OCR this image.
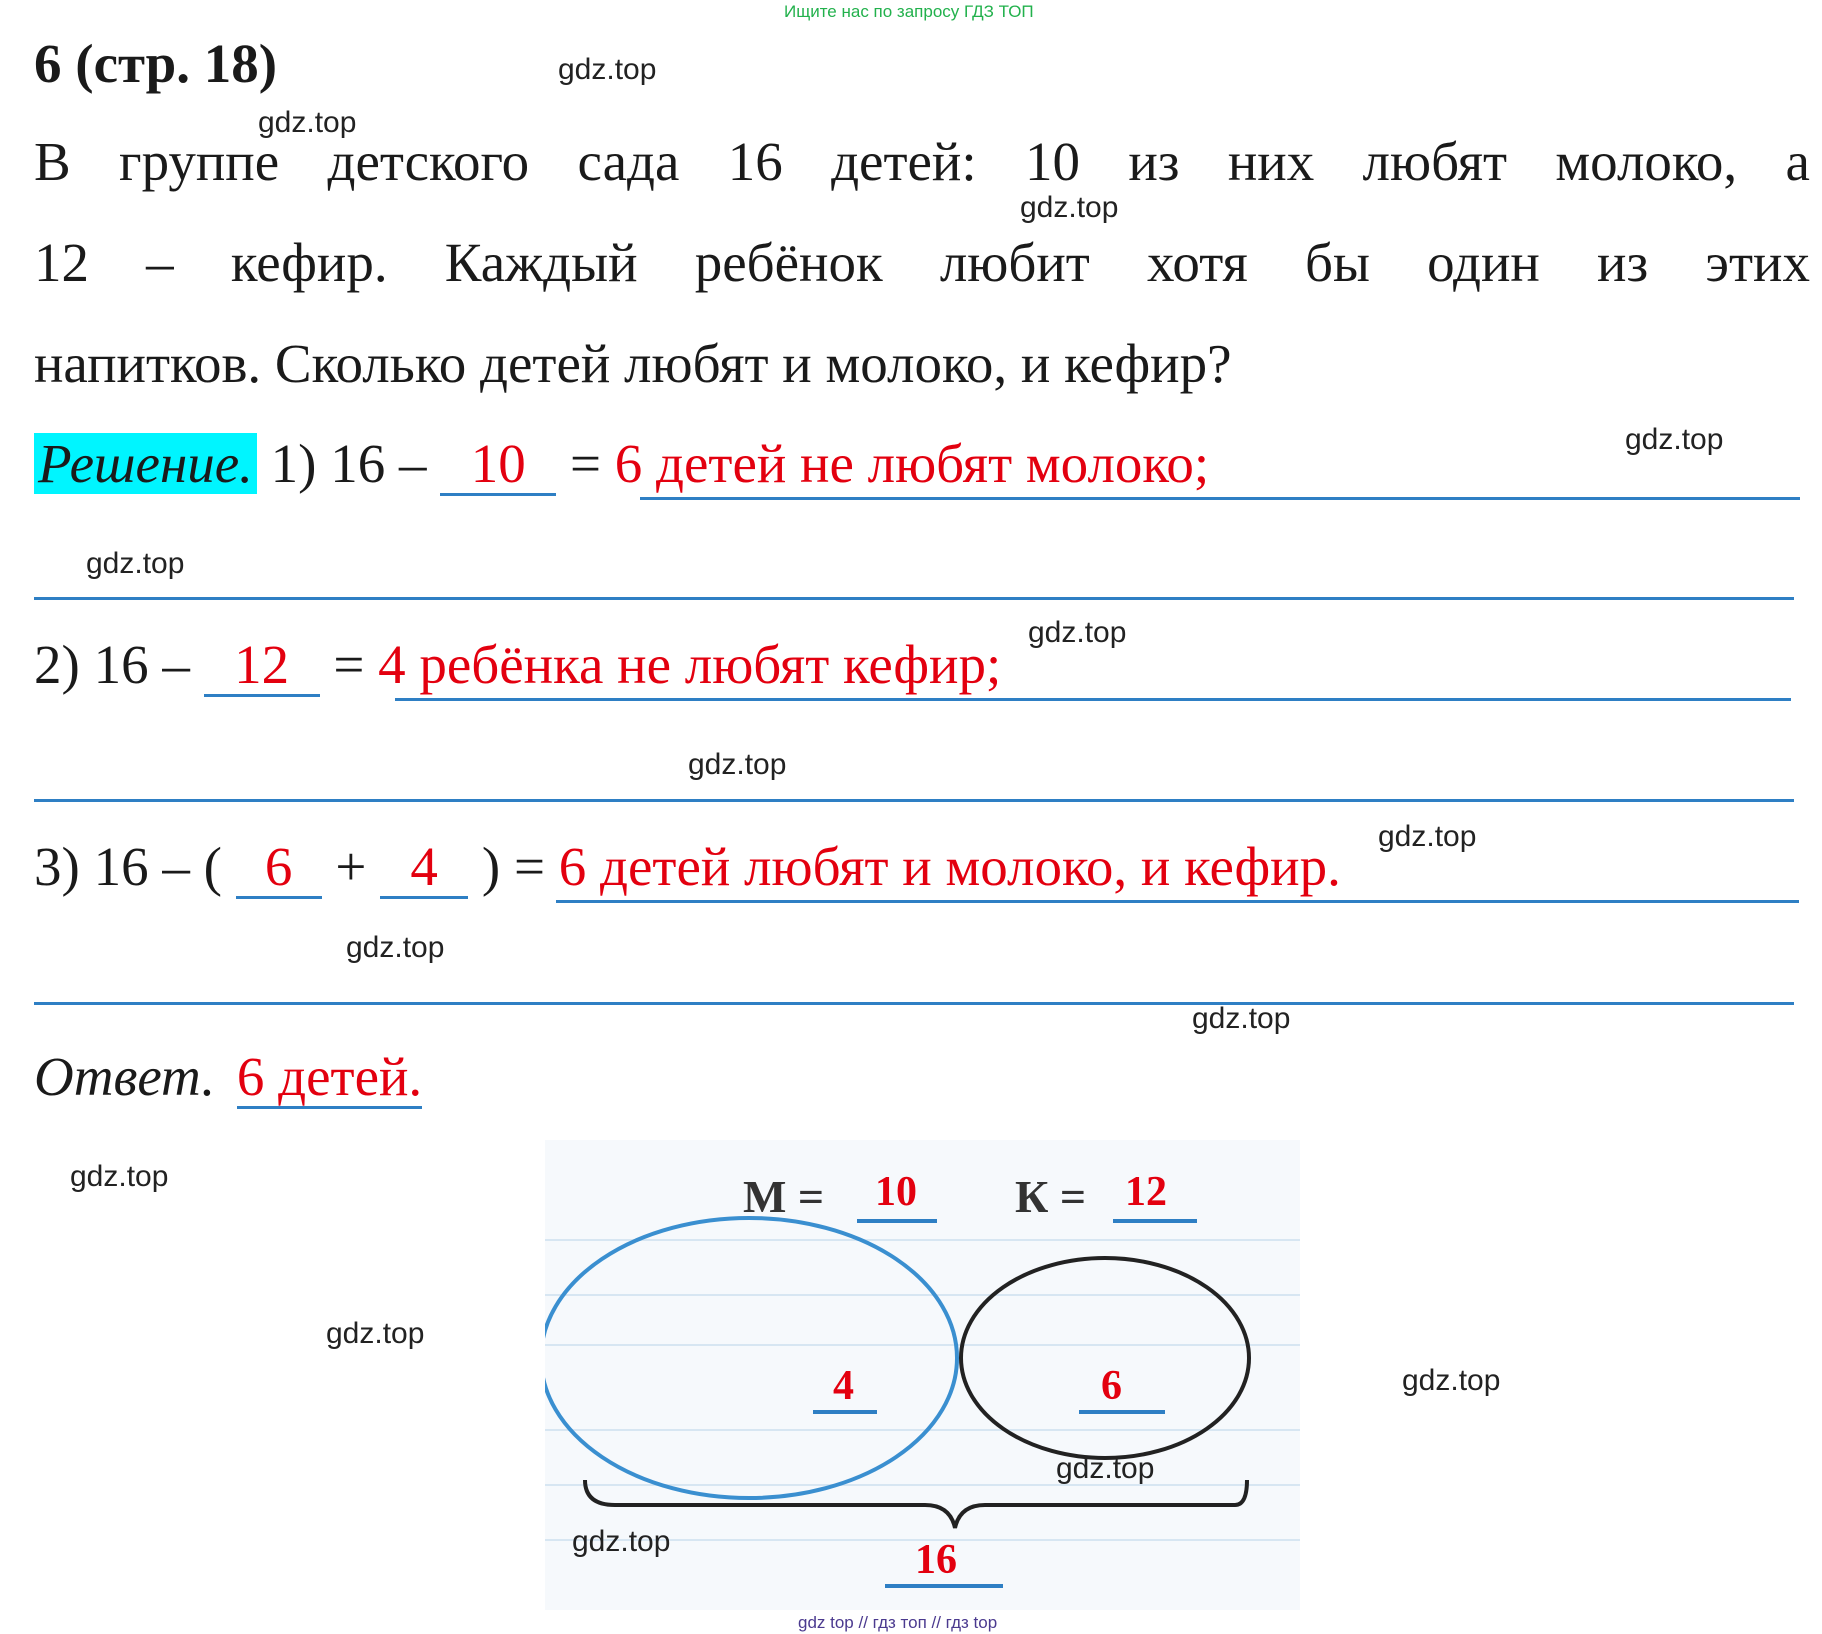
Ищите нас по запросу ГДЗ ТОП
6 (стр. 18)
В группе детского сада 16 детей: 10 из них любят молоко, а
12 – кефир. Каждый ребёнок любит хотя бы один из этих
напитков. Сколько детей любят и молоко, и кефир?
Решение. 1) 16 – 10 = 6 детей не любят молоко;
2) 16 – 12 = 4 ребёнка не любят кефир;
3) 16 – ( 6 + 4 ) = 6 детей любят и молоко, и кефир.
Ответ. 6 детей.
М = 10 К = 12
4	6
16
gdz.top
gdz.top
gdz.top
gdz.top
gdz.top
gdz.top
gdz.top
gdz.top
gdz.top
gdz.top
gdz.top
gdz.top
gdz.top
gdz.top
gdz.top
gdz top // гдз топ // гдз top
